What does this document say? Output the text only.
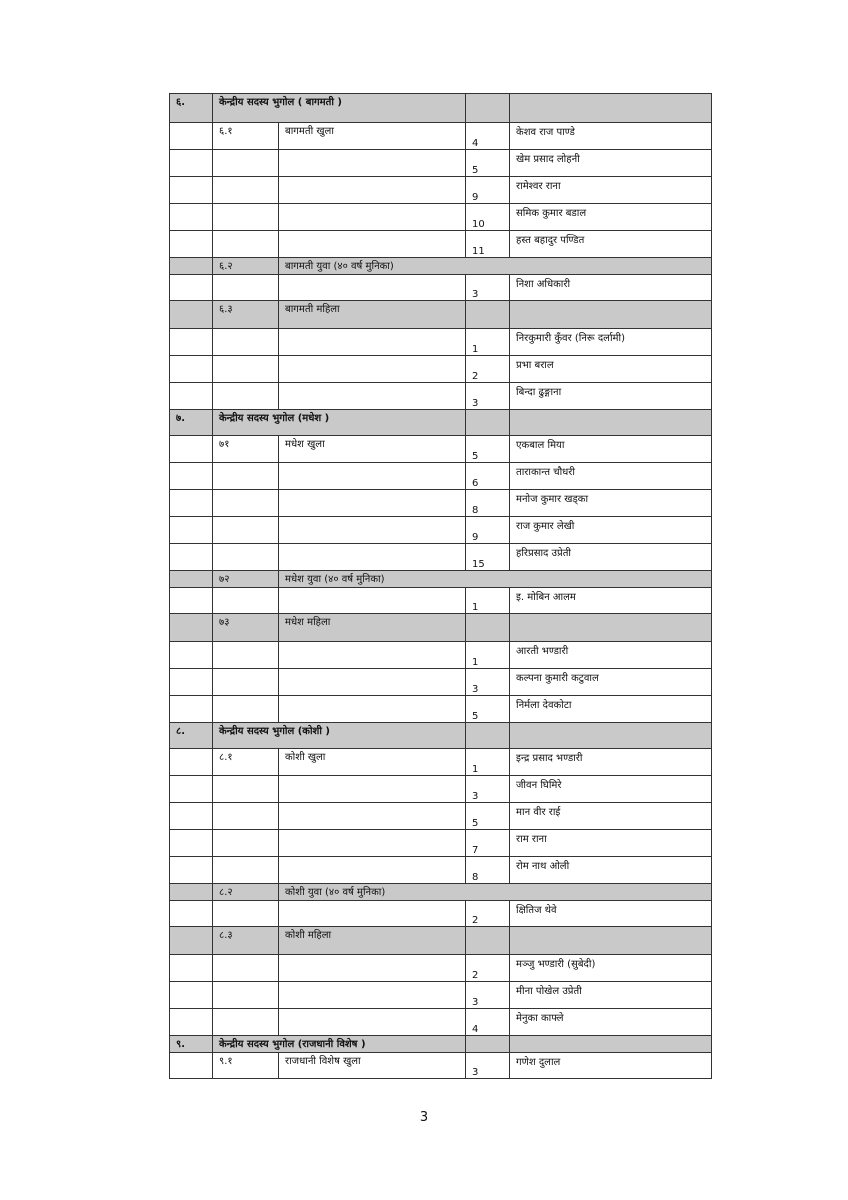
६.	केन्द्रीय सदस्य भुगोल ( बागमती )			
	६.१	बागमती खुला	4	केशव राज पाण्डे
			5	खेम प्रसाद लोहनी
			9	रामेश्वर राना
			10	समिक कुमार बडाल
			11	हस्त बहादुर पण्डित
	६.२	बागमती युवा (४० वर्ष मुनिका)		
			3	निशा अधिकारी
	६.३	बागमती महिला		
			1	निरकुमारी कुँवर (निरू दर्लामी)
			2	प्रभा बराल
			3	बिन्दा ढुङ्गाना
७.	केन्द्रीय सदस्य भुगोल (मधेश )			
	७१	मधेश खुला	5	एकबाल मिया
			6	ताराकान्त चौधरी
			8	मनोज कुमार खड्का
			9	राज कुमार लेखी
			15	हरिप्रसाद उप्रेती
	७२	मधेश युवा (४० वर्ष मुनिका)		
			1	इ. मोबिन आलम
	७३	मधेश महिला		
			1	आरती भण्डारी
			3	कल्पना कुमारी कटुवाल
			5	निर्मला देवकोटा
८.	केन्द्रीय सदस्य भुगोल (कोशी )			
	८.१	कोशी खुला	1	इन्द्र प्रसाद भण्डारी
			3	जीवन घिमिरे
			5	मान वीर राई
			7	राम राना
			8	रोम नाथ ओली
	८.२	कोशी युवा (४० वर्ष मुनिका)		
			2	क्षितिज थेवे
	८.३	कोशी महिला		
			2	मञ्जु भण्डारी (सुबेदी)
			3	मीना पोखेल उप्रेती
			4	मेनुका काफ्ले
९.	केन्द्रीय सदस्य भुगोल (राजधानी विशेष )			
	९.१	राजधानी विशेष खुला	3	गणेश दुलाल
3
